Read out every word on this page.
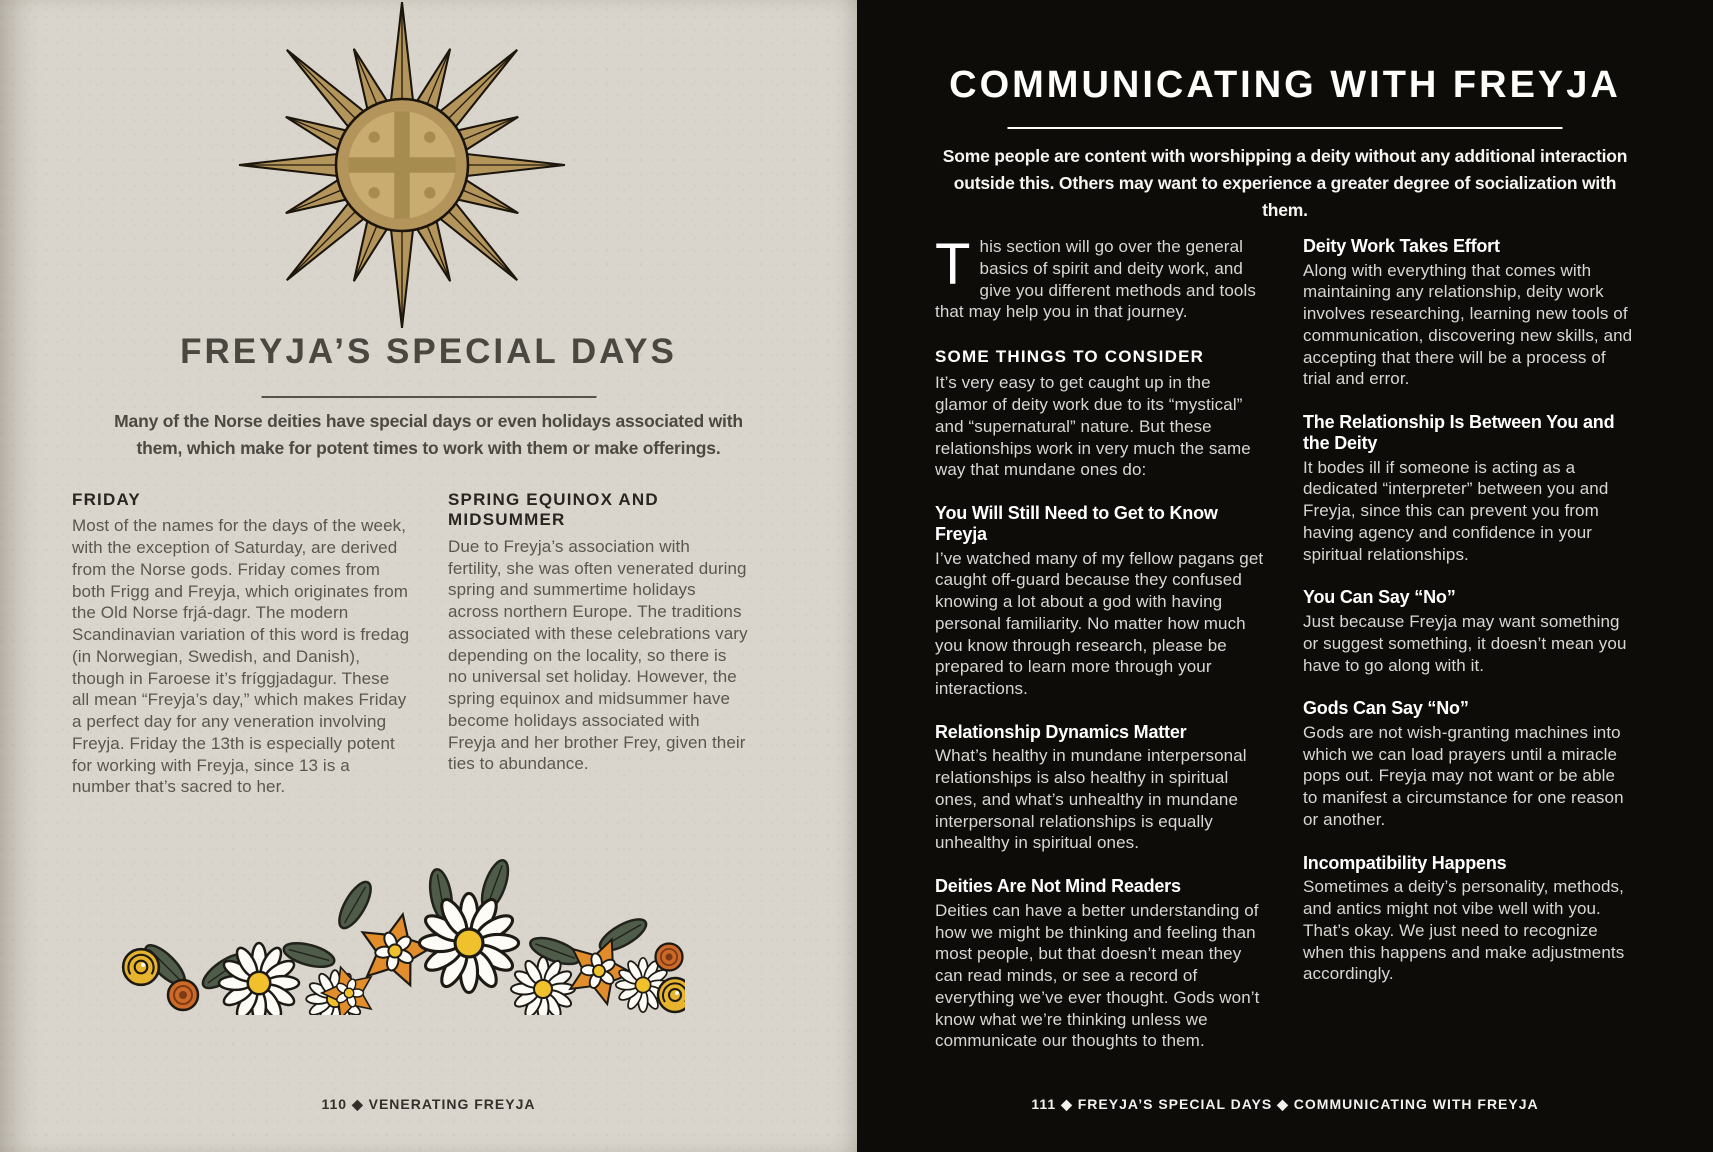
FREYJA’S SPECIAL DAYS

Many of the Norse deities have special days or even holidays associated with them, which make for potent times to work with them or make offerings.

FRIDAY

Most of the names for the days of the week, with the exception of Saturday, are derived from the Norse gods. Friday comes from both Frigg and Freyja, which originates from the Old Norse frjá-dagr. The modern Scandinavian variation of this word is fredag (in Norwegian, Swedish, and Danish), though in Faroese it’s fríggjadagur. These all mean “Freyja’s day,” which makes Friday a perfect day for any veneration involving Freyja. Friday the 13th is especially potent for working with Freyja, since 13 is a number that’s sacred to her.

SPRING EQUINOX AND MIDSUMMER

Due to Freyja’s association with fertility, she was often venerated during spring and summertime holidays across northern Europe. The traditions associated with these celebrations vary depending on the locality, so there is no universal set holiday. However, the spring equinox and midsummer have become holidays associated with Freyja and her brother Frey, given their ties to abundance.

110 ◆ VENERATING FREYJA

COMMUNICATING WITH FREYJA

Some people are content with worshipping a deity without any additional interaction outside this. Others may want to experience a greater degree of socialization with them.

This section will go over the general basics of spirit and deity work, and give you different methods and tools that may help you in that journey.

SOME THINGS TO CONSIDER

It’s very easy to get caught up in the glamor of deity work due to its “mystical” and “supernatural” nature. But these relationships work in very much the same way that mundane ones do:

You Will Still Need to Get to Know Freyja

I’ve watched many of my fellow pagans get caught off-guard because they confused knowing a lot about a god with having personal familiarity. No matter how much you know through research, please be prepared to learn more through your interactions.

Relationship Dynamics Matter

What’s healthy in mundane interpersonal relationships is also healthy in spiritual ones, and what’s unhealthy in mundane interpersonal relationships is equally unhealthy in spiritual ones.

Deities Are Not Mind Readers

Deities can have a better understanding of how we might be thinking and feeling than most people, but that doesn’t mean they can read minds, or see a record of everything we’ve ever thought. Gods won’t know what we’re thinking unless we communicate our thoughts to them.

Deity Work Takes Effort

Along with everything that comes with maintaining any relationship, deity work involves researching, learning new tools of communication, discovering new skills, and accepting that there will be a process of trial and error.

The Relationship Is Between You and the Deity

It bodes ill if someone is acting as a dedicated “interpreter” between you and Freyja, since this can prevent you from having agency and confidence in your spiritual relationships.

You Can Say “No”

Just because Freyja may want something or suggest something, it doesn’t mean you have to go along with it.

Gods Can Say “No”

Gods are not wish-granting machines into which we can load prayers until a miracle pops out. Freyja may not want or be able to manifest a circumstance for one reason or another.

Incompatibility Happens

Sometimes a deity’s personality, methods, and antics might not vibe well with you. That’s okay. We just need to recognize when this happens and make adjustments accordingly.

111 ◆ FREYJA’S SPECIAL DAYS ◆ COMMUNICATING WITH FREYJA
